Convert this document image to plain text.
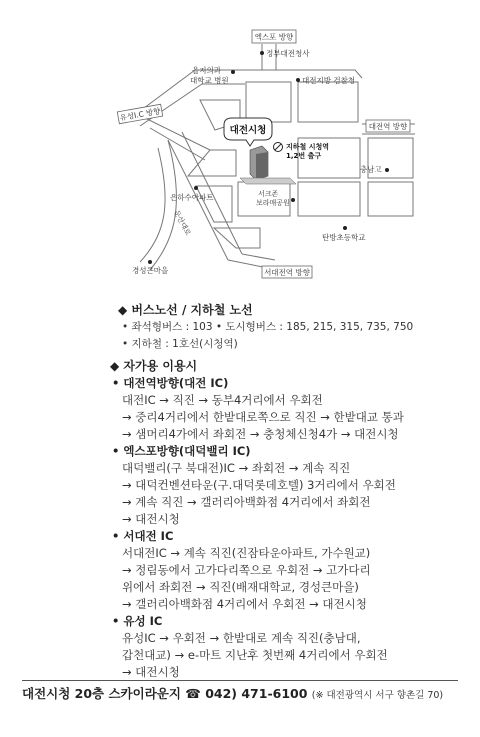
엑스포 방향
유성I.C 방향
대전역 방향
서대전역 방향
정부대전청사
을지의과
대학교 병원	대전지방 검찰청
은하수아파트	서크존
보라매공원
충남고
탄방초등학교
경성큰마을
둔산대로
대전시청
지하철 시청역
1,2번 출구
◆ 버스노선 / 지하철 노선
• 좌석형버스 : 103 • 도시형버스 : 185, 215, 315, 735, 750
• 지하철 : 1호선(시청역)
◆ 자가용 이용시
• 대전역방향(대전 IC)
대전IC → 직진 → 동부4거리에서 우회전
→ 중리4거리에서 한밭대로쪽으로 직진 → 한밭대교 통과
→ 샘머리4가에서 좌회전 → 충청체신청4가 → 대전시청
• 엑스포방향(대덕밸리 IC)
대덕밸리(구 북대전)IC → 좌회전 → 계속 직진
→ 대덕컨벤션타운(구.대덕롯데호텔) 3거리에서 우회전
→ 계속 직진 → 갤러리아백화점 4거리에서 좌회전
→ 대전시청
• 서대전 IC
서대전IC → 계속 직진(진잠타운아파트, 가수원교)
→ 정림동에서 고가다리쪽으로 우회전 → 고가다리
위에서 좌회전 → 직진(배재대학교, 경성큰마을)
→ 갤러리아백화점 4거리에서 우회전 → 대전시청
• 유성 IC
유성IC → 우회전 → 한밭대로 계속 직진(충남대,
갑천대교) → e-마트 지난후 첫번째 4거리에서 우회전
→ 대전시청
대전시청 20층 스카이라운지 ☎ 042) 471-6100 (※ 대전광역시 서구 향촌길 70)
